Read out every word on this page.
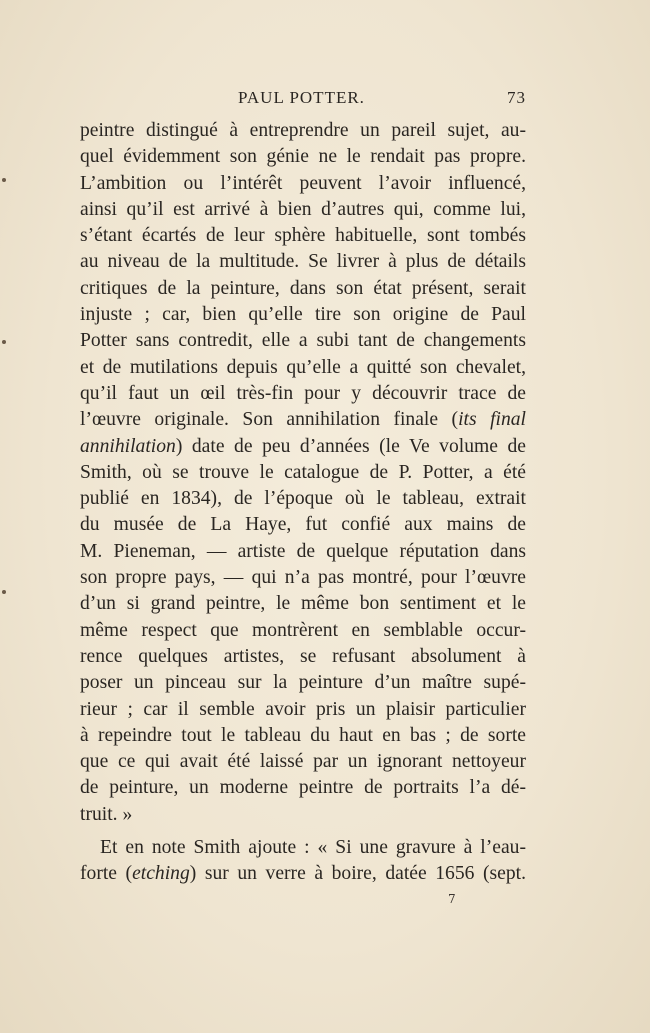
PAUL POTTER.	73
peintre distingué à entreprendre un pareil sujet, au-
quel évidemment son génie ne le rendait pas propre.
L’ambition ou l’intérêt peuvent l’avoir influencé,
ainsi qu’il est arrivé à bien d’autres qui, comme lui,
s’étant écartés de leur sphère habituelle, sont tombés
au niveau de la multitude. Se livrer à plus de détails
critiques de la peinture, dans son état présent, serait
injuste ; car, bien qu’elle tire son origine de Paul
Potter sans contredit, elle a subi tant de changements
et de mutilations depuis qu’elle a quitté son chevalet,
qu’il faut un œil très-fin pour y découvrir trace de
l’œuvre originale. Son annihilation finale (its final
annihilation) date de peu d’années (le Ve volume de
Smith, où se trouve le catalogue de P. Potter, a été
publié en 1834), de l’époque où le tableau, extrait
du musée de La Haye, fut confié aux mains de
M. Pieneman, — artiste de quelque réputation dans
son propre pays, — qui n’a pas montré, pour l’œuvre
d’un si grand peintre, le même bon sentiment et le
même respect que montrèrent en semblable occur-
rence quelques artistes, se refusant absolument à
poser un pinceau sur la peinture d’un maître supé-
rieur ; car il semble avoir pris un plaisir particulier
à repeindre tout le tableau du haut en bas ; de sorte
que ce qui avait été laissé par un ignorant nettoyeur
de peinture, un moderne peintre de portraits l’a dé-
truit. »
Et en note Smith ajoute : « Si une gravure à l’eau-
forte (etching) sur un verre à boire, datée 1656 (sept.
7
